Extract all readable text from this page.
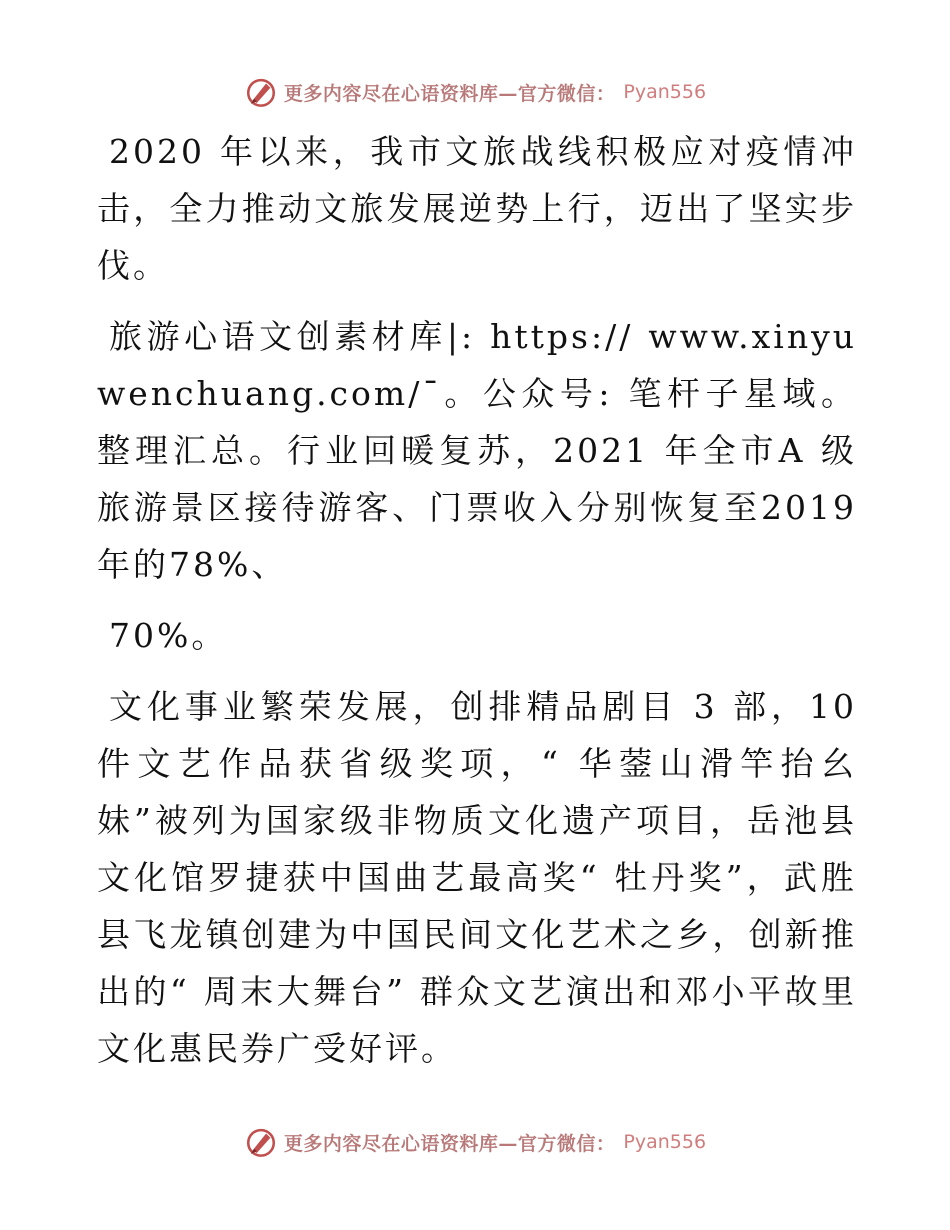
更多内容尽在心语资料库—官方微信： Pyan556

2020 年以来，我市文旅战线积极应对疫情冲击，全力推动文旅发展逆势上行，迈出了坚实步伐。

旅游心语文创素材库|: https:// www.xinyuwenchuang.com/¯。公众号: 笔杆子星域。整理汇总。行业回暖复苏，2021 年全市A 级旅游景区接待游客、门票收入分别恢复至2019 年的78%、

70%。

文化事业繁荣发展，创排精品剧目 3 部，10 件文艺作品获省级奖项，“ 华蓥山滑竿抬幺妹”被列为国家级非物质文化遗产项目，岳池县文化馆罗捷获中国曲艺最高奖“ 牡丹奖”，武胜县飞龙镇创建为中国民间文化艺术之乡，创新推出的“ 周末大舞台” 群众文艺演出和邓小平故里文化惠民券广受好评。

更多内容尽在心语资料库—官方微信： Pyan556
